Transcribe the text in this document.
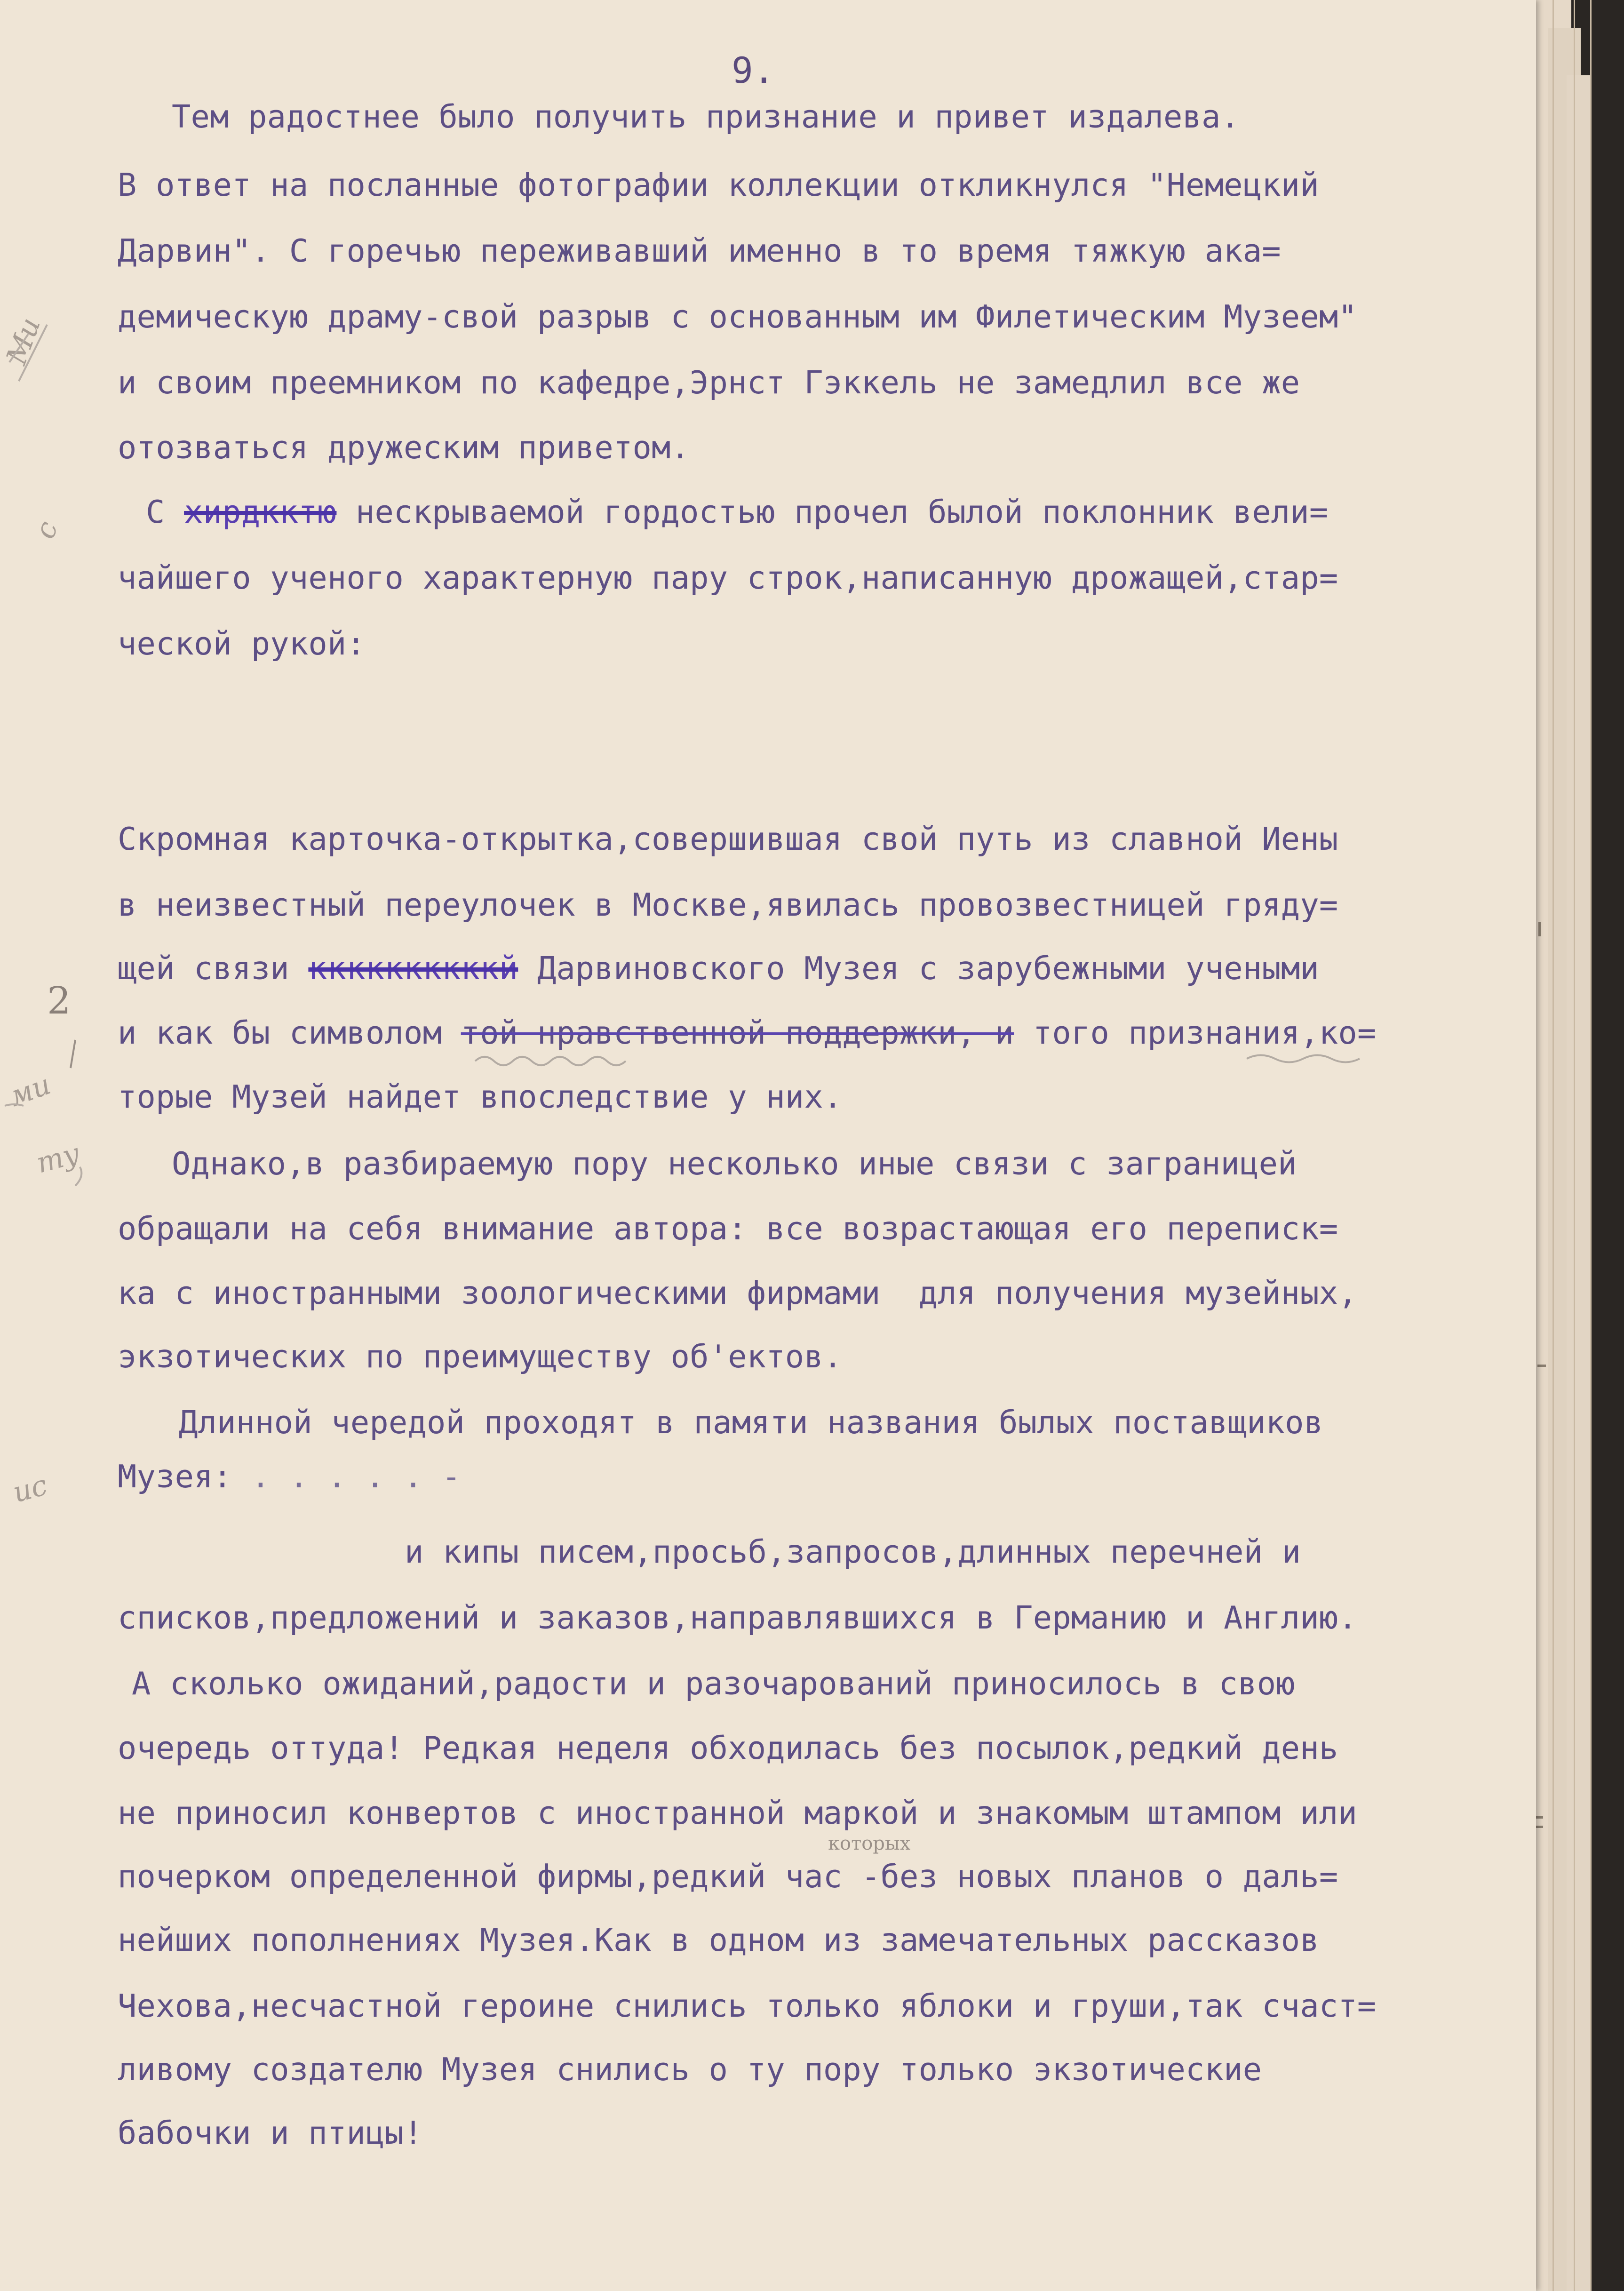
9.
Тем радостнее было получить признание и привет издалева.
В ответ на посланные фотографии коллекции откликнулся "Немецкий
Дарвин". С горечью переживавший именно в то время тяжкую ака=
демическую драму-свой разрыв с основанным им Филетическим Музеем"
и своим преемником по кафедре,Эрнст Гэккель не замедлил все же
отозваться дружеским приветом.
С хирдкктю нескрываемой гордостью прочел былой поклонник вели=
чайшего ученого характерную пару строк,написанную дрожащей,стар=
ческой рукой:
Скромная карточка-открытка,совершившая свой путь из славной Иены
в неизвестный переулочек в Москве,явилась провозвестницей гряду=
щей связи ккккккккккй Дарвиновского Музея с зарубежными учеными
и как бы символом той нравственной поддержки, и того признания,ко=
торые Музей найдет впоследствие у них.
Однако,в разбираемую пору несколько иные связи с заграницей
обращали на себя внимание автора: все возрастающая его переписк=
ка с иностранными зоологическими фирмами  для получения музейных,
экзотических по преимуществу об'ектов.
Длинной чередой проходят в памяти названия былых поставщиков
Музея: . . . . . -
и кипы писем,просьб,запросов,длинных перечней и
списков,предложений и заказов,направлявшихся в Германию и Англию.
А сколько ожиданий,радости и разочарований приносилось в свою
очередь оттуда! Редкая неделя обходилась без посылок,редкий день
не приносил конвертов с иностранной маркой и знакомым штампом или
почерком определенной фирмы,редкий час -без новых планов о даль=
нейших пополнениях Музея.Как в одном из замечательных рассказов
Чехова,несчастной героине снились только яблоки и груши,так счаст=
ливому создателю Музея снились о ту пору только экзотические
бабочки и птицы!
которых
Ми
с
2
ми
ту
ис
